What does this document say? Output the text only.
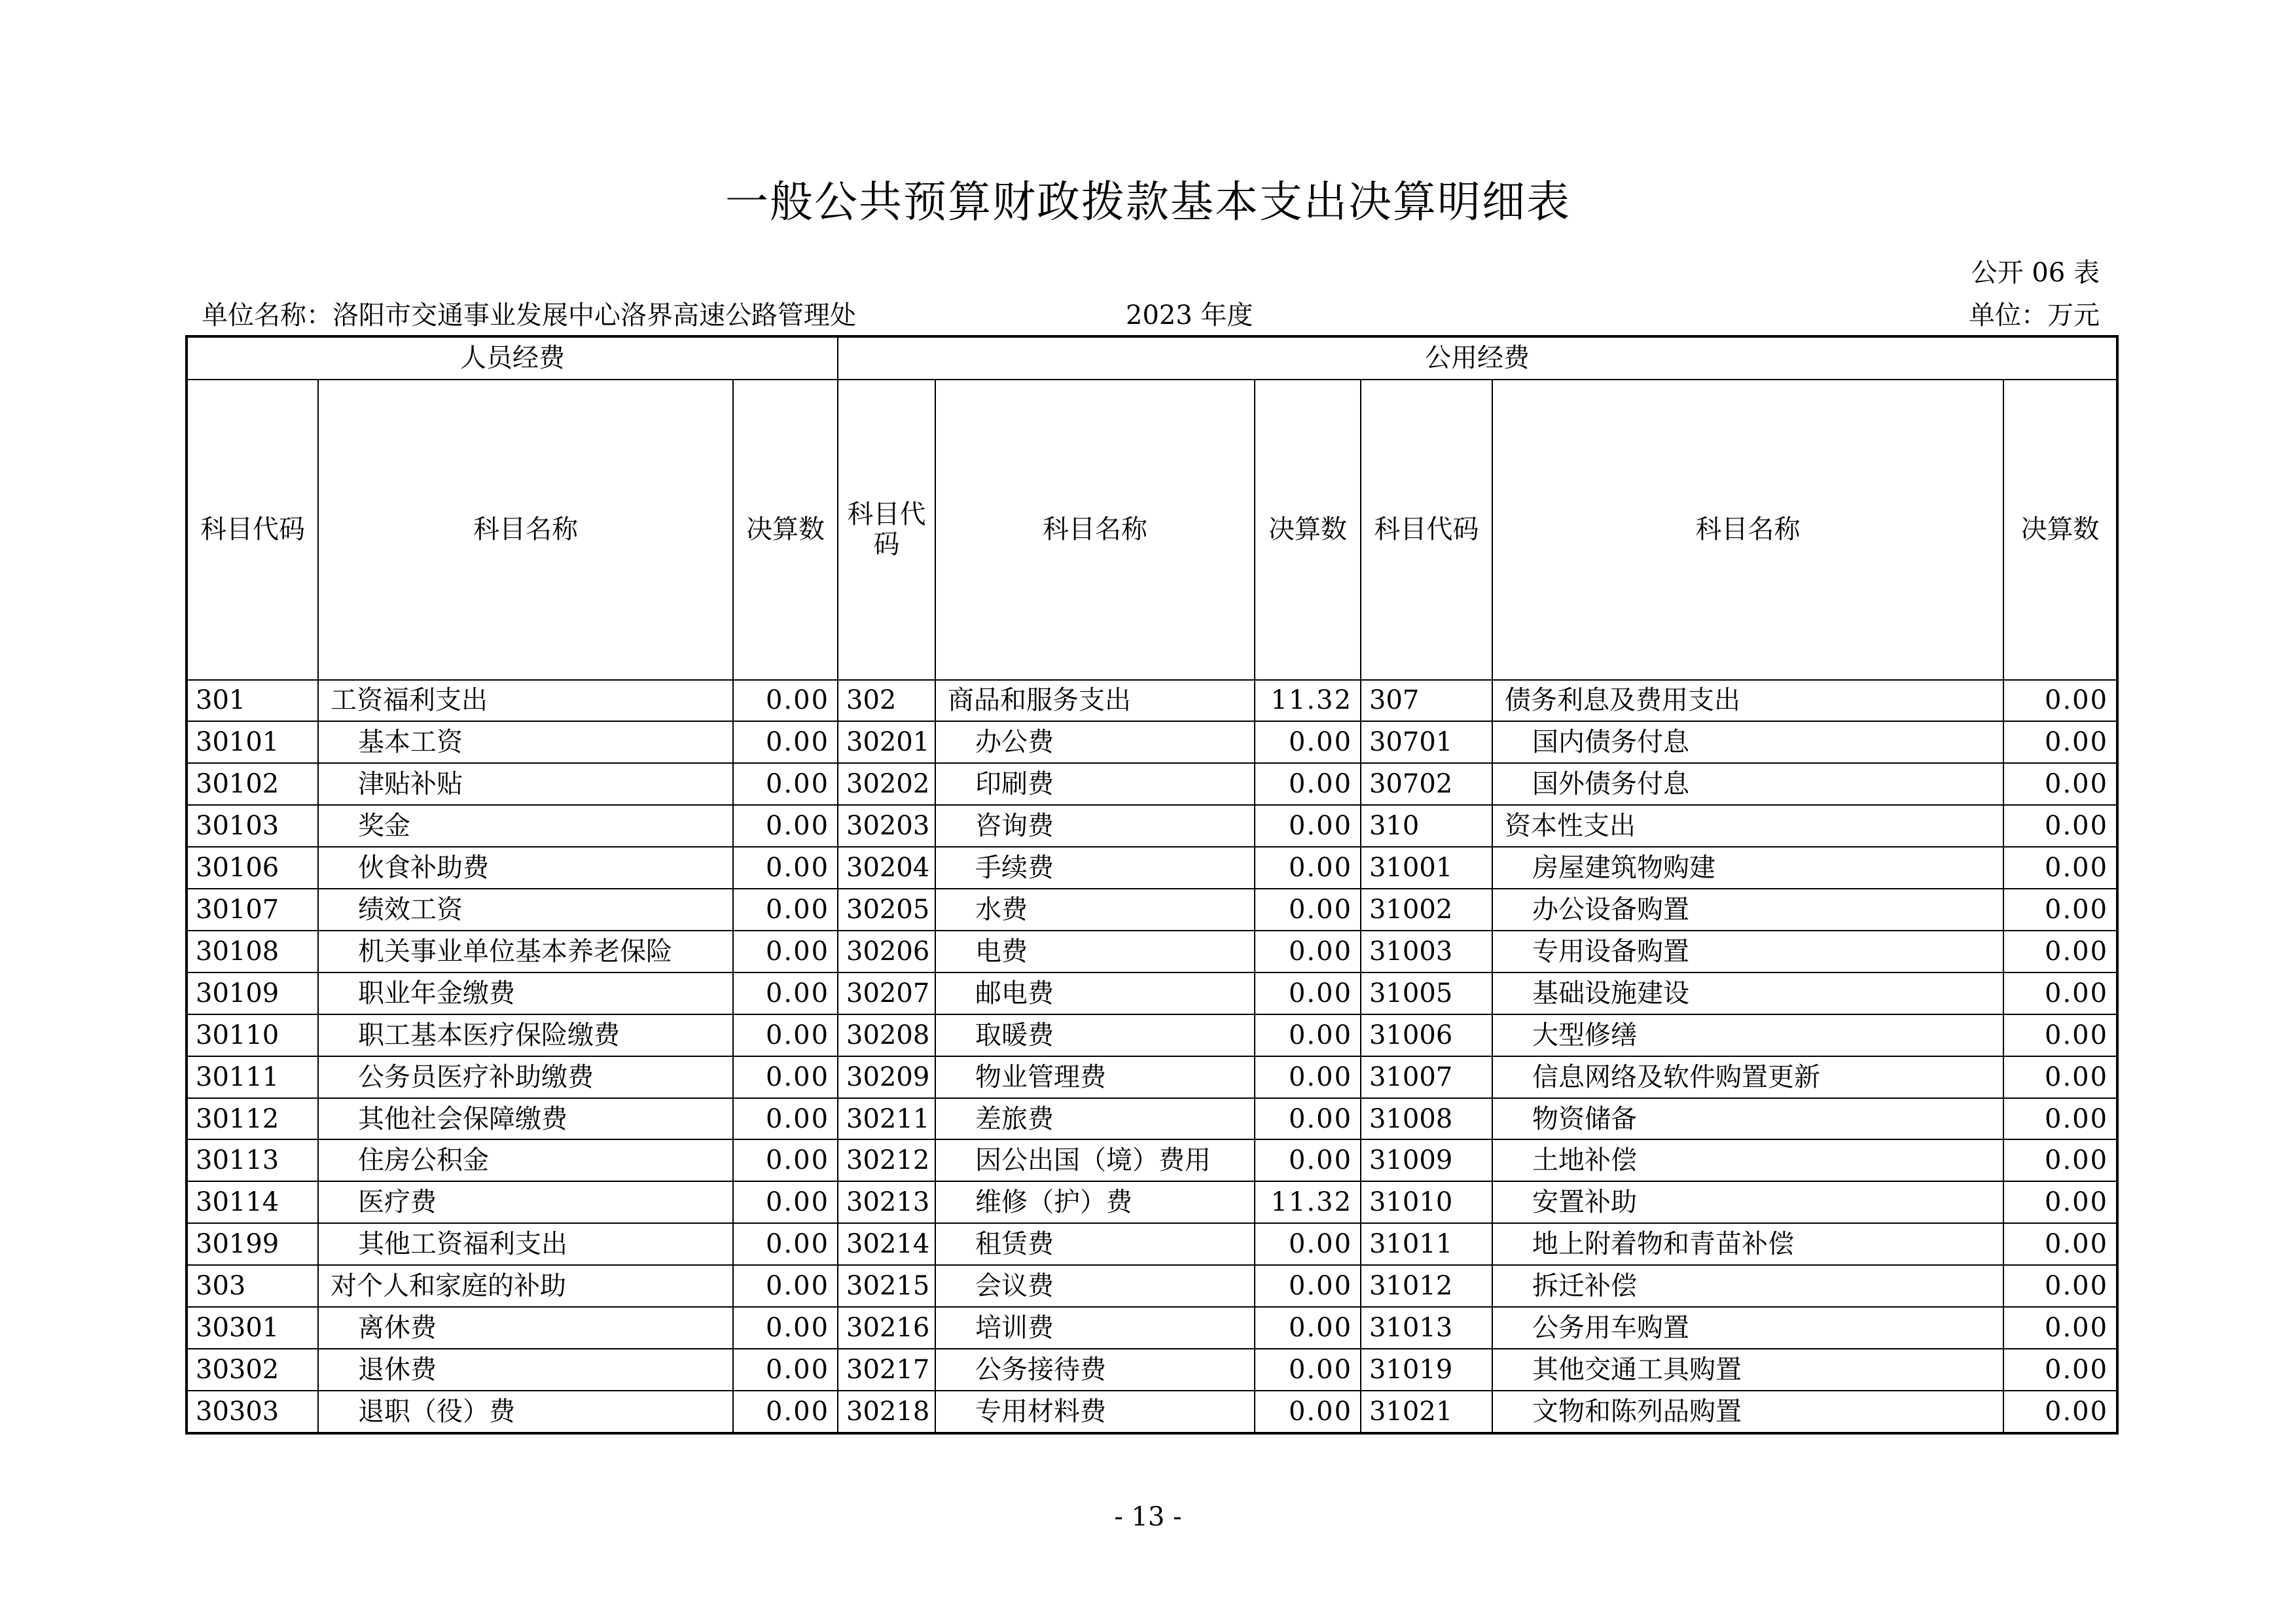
一般公共预算财政拨款基本支出决算明细表
公开 06 表
单位名称：洛阳市交通事业发展中心洛界高速公路管理处	2023 年度	单位：万元
人员经费			公用经费					
科目代码	科目名称	决算数	科目代码	科目名称	决算数	科目代码	科目名称	决算数
301	工资福利支出	0.00	302	商品和服务支出	11.32	307	债务利息及费用支出	0.00
30101	基本工资	0.00	30201	办公费	0.00	30701	国内债务付息	0.00
30102	津贴补贴	0.00	30202	印刷费	0.00	30702	国外债务付息	0.00
30103	奖金	0.00	30203	咨询费	0.00	310	资本性支出	0.00
30106	伙食补助费	0.00	30204	手续费	0.00	31001	房屋建筑物购建	0.00
30107	绩效工资	0.00	30205	水费	0.00	31002	办公设备购置	0.00
30108	机关事业单位基本养老保险	0.00	30206	电费	0.00	31003	专用设备购置	0.00
30109	职业年金缴费	0.00	30207	邮电费	0.00	31005	基础设施建设	0.00
30110	职工基本医疗保险缴费	0.00	30208	取暖费	0.00	31006	大型修缮	0.00
30111	公务员医疗补助缴费	0.00	30209	物业管理费	0.00	31007	信息网络及软件购置更新	0.00
30112	其他社会保障缴费	0.00	30211	差旅费	0.00	31008	物资储备	0.00
30113	住房公积金	0.00	30212	因公出国（境）费用	0.00	31009	土地补偿	0.00
30114	医疗费	0.00	30213	维修（护）费	11.32	31010	安置补助	0.00
30199	其他工资福利支出	0.00	30214	租赁费	0.00	31011	地上附着物和青苗补偿	0.00
303	对个人和家庭的补助	0.00	30215	会议费	0.00	31012	拆迁补偿	0.00
30301	离休费	0.00	30216	培训费	0.00	31013	公务用车购置	0.00
30302	退休费	0.00	30217	公务接待费	0.00	31019	其他交通工具购置	0.00
30303	退职（役）费	0.00	30218	专用材料费	0.00	31021	文物和陈列品购置	0.00
- 13 -
